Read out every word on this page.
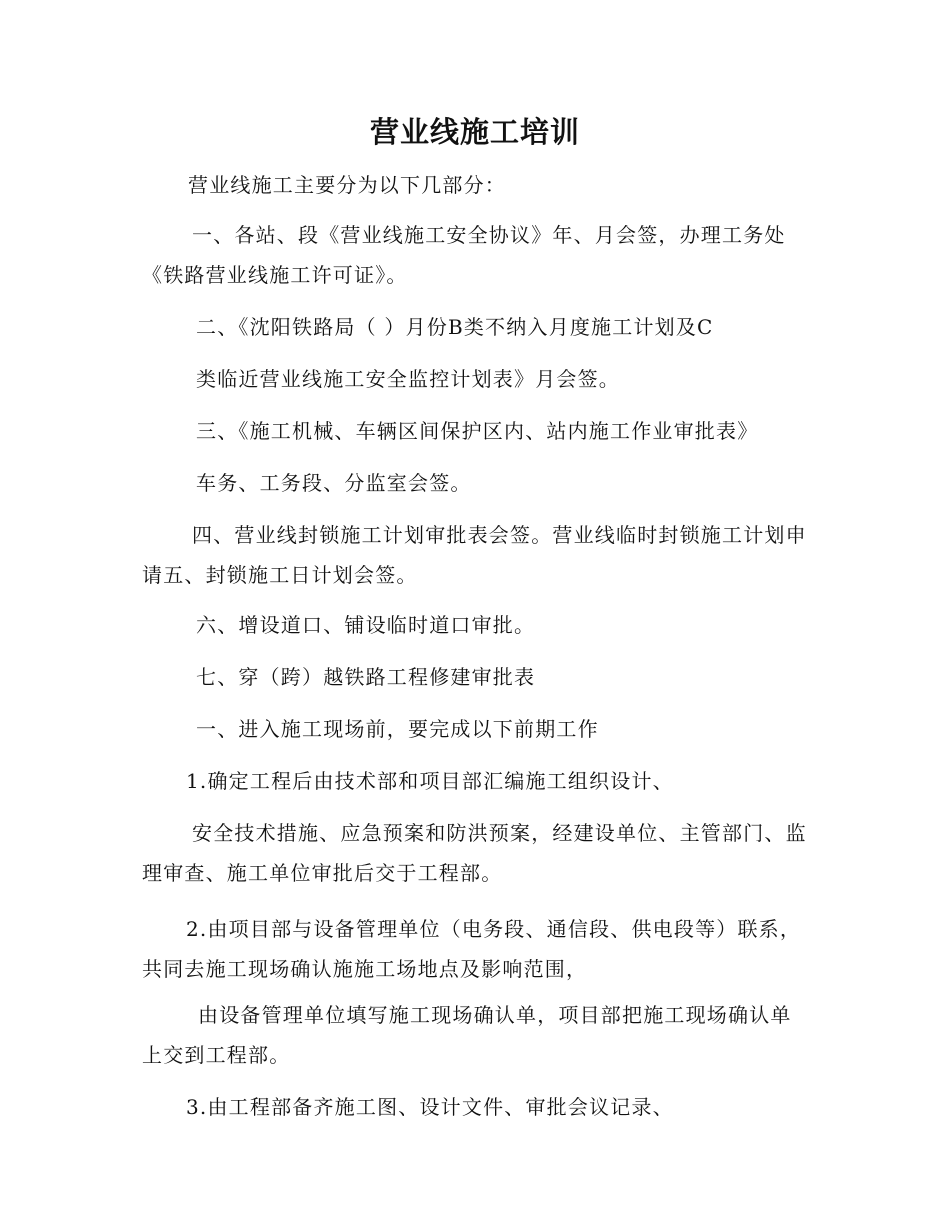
营业线施工培训
营业线施工主要分为以下几部分：
一、各站、段《营业线施工安全协议》年、月会签，办理工务处《铁路营业线施工许可证》。
二、《沈阳铁路局（ ）月份B类不纳入月度施工计划及C
类临近营业线施工安全监控计划表》月会签。
三、《施工机械、车辆区间保护区内、站内施工作业审批表》
车务、工务段、分监室会签。
四、营业线封锁施工计划审批表会签。营业线临时封锁施工计划申请五、封锁施工日计划会签。
六、增设道口、铺设临时道口审批。
七、穿（跨）越铁路工程修建审批表
一、进入施工现场前，要完成以下前期工作
1.确定工程后由技术部和项目部汇编施工组织设计、
安全技术措施、应急预案和防洪预案，经建设单位、主管部门、监理审查、施工单位审批后交于工程部。
2.由项目部与设备管理单位（电务段、通信段、供电段等）联系，共同去施工现场确认施施工场地点及影响范围，
由设备管理单位填写施工现场确认单，项目部把施工现场确认单上交到工程部。
3.由工程部备齐施工图、设计文件、审批会议记录、
